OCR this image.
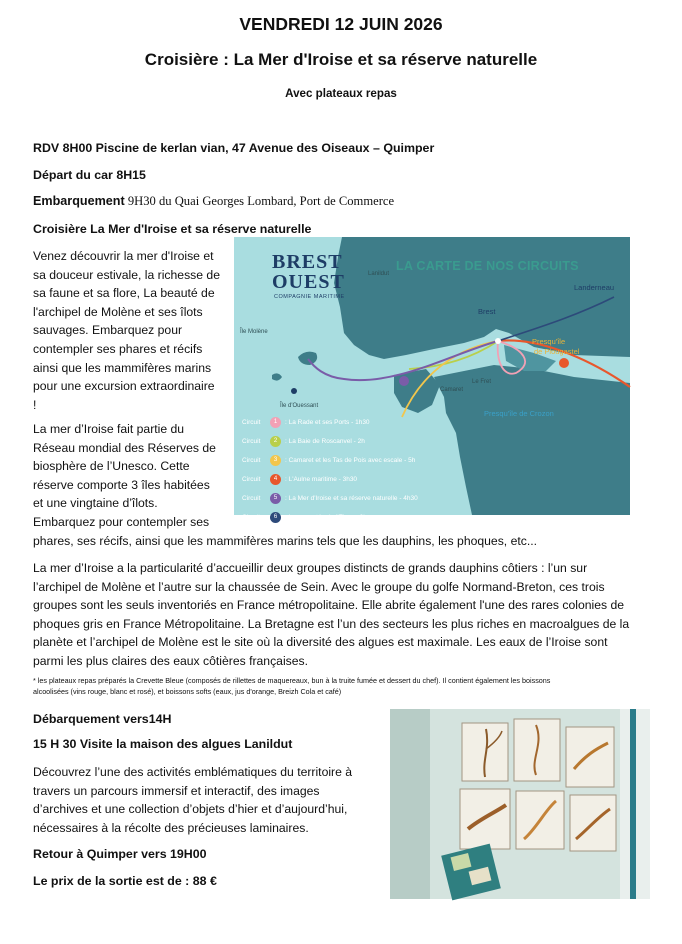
VENDREDI 12 JUIN 2026
Croisière : La Mer d'Iroise et sa réserve naturelle
Avec plateaux repas
RDV 8H00 Piscine de kerlan vian, 47 Avenue des Oiseaux – Quimper
Départ du car 8H15
Embarquement 9H30 du Quai Georges Lombard, Port de Commerce
Croisière La Mer d'Iroise et sa réserve naturelle

Venez découvrir la mer d'Iroise et

sa douceur estivale, la richesse de

sa faune et sa flore, La beauté de

l'archipel de Molène et ses îlots

sauvages. Embarquez pour

contempler ses phares et récifs

ainsi que les mammifères marins

pour une excursion extraordinaire

!

La mer d’Iroise fait partie du

Réseau mondial des Réserves de

biosphère de l’Unesco. Cette

réserve comporte 3 îles habitées

et une vingtaine d’îlots.

Embarquez pour contempler ses

phares, ses récifs, ainsi que les mammifères marins tels que les dauphins, les phoques, etc...

BREST
OUEST
COMPAGNIE MARITIME
LA CARTE DE NOS CIRCUITS
Landerneau
Lanildut
Brest
Presqu'île
de Plougastel
Presqu'île de Crozon
Île Molène
Île d'Ouessant
Camaret
Le Fret
Circuit	1	: La Rade et ses Ports - 1h30
Circuit	2	: La Baie de Roscanvel - 2h
Circuit	3	: Camaret et les Tas de Pois avec escale - 5h
Circuit	4	: L'Aulne maritime - 3h30
Circuit	5	: La Mer d'Iroise et sa réserve naturelle - 4h30
Circuit	6	: La remontée de l'Elorn - 3h

La mer d’Iroise a la particularité d’accueillir deux groupes distincts de grands dauphins côtiers : l’un sur

l’archipel de Molène et l’autre sur la chaussée de Sein. Avec le groupe du golfe Normand-Breton, ces trois

groupes sont les seuls inventoriés en France métropolitaine. Elle abrite également l'une des rares colonies de

phoques gris en France Métropolitaine. La Bretagne est l’un des secteurs les plus riches en macroalgues de la

planète et l’archipel de Molène est le site où la diversité des algues est maximale. Les eaux de l’Iroise sont

parmi les plus claires des eaux côtières françaises.

* les plateaux repas préparés la Crevette Bleue (composés de rillettes de maquereaux, bun à la truite fumée et dessert du chef). Il contient également les boissons

alcoolisées (vins rouge, blanc et rosé), et boissons softs (eaux, jus d'orange, Breizh Cola et café)

Débarquement vers14H
15 H 30 Visite la maison des algues Lanildut

Découvrez l’une des activités emblématiques du territoire à

travers un parcours immersif et interactif, des images

d’archives et une collection d’objets d’hier et d’aujourd’hui,

nécessaires à la récolte des précieuses laminaires.

Retour à Quimper vers 19H00
Le prix de la sortie est de : 88 €
